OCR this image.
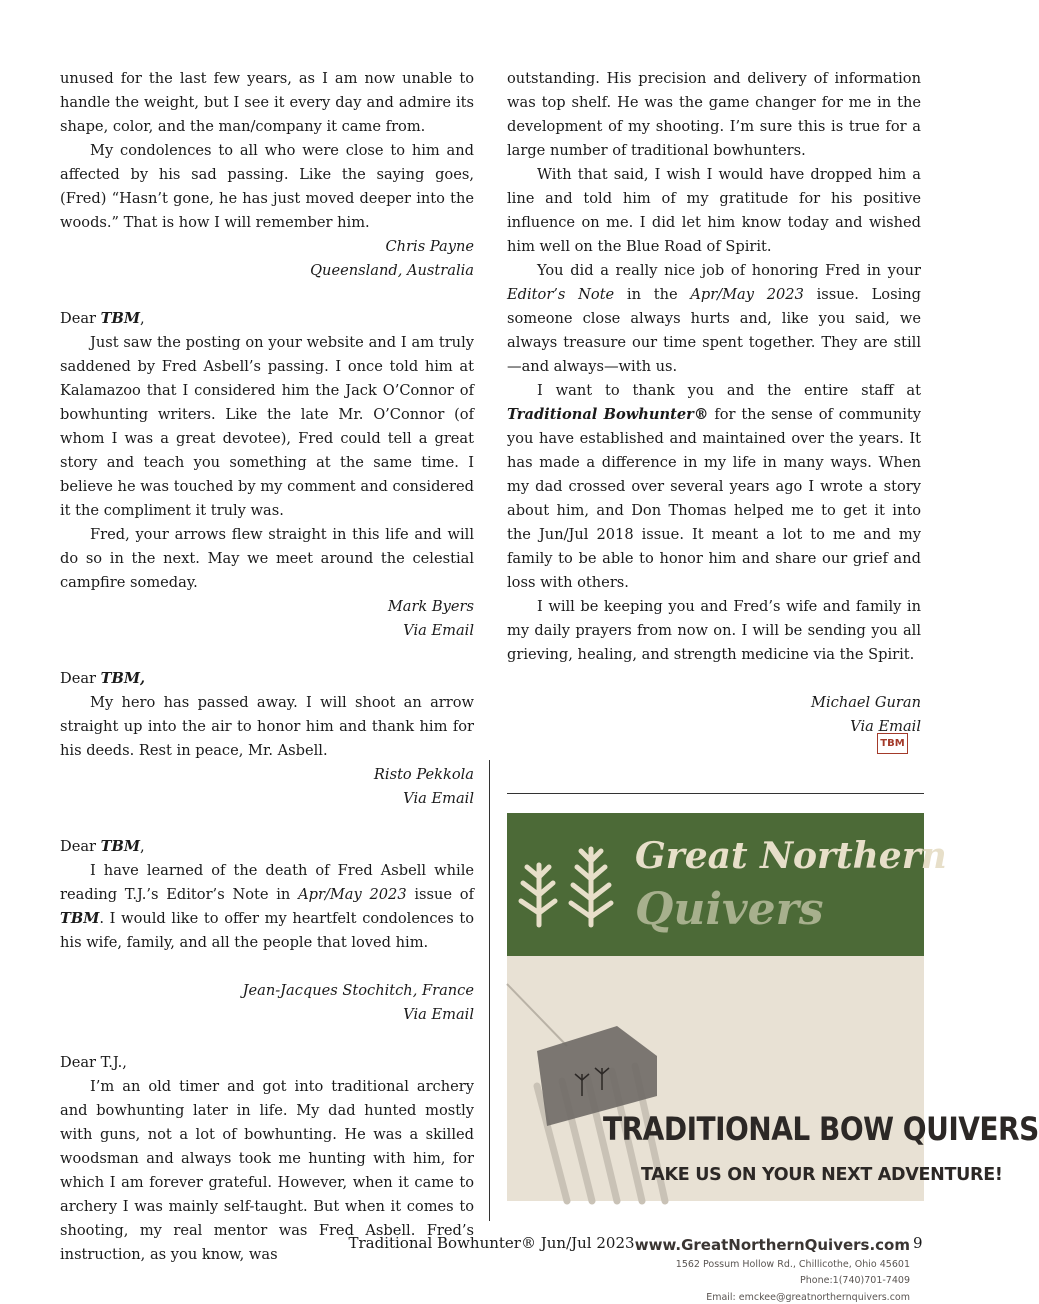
unused for the last few years, as I am now unable to handle the weight, but I see it every day and admire its shape, color, and the man/company it came from.

My condolences to all who were close to him and affected by his sad passing. Like the saying goes, (Fred) “Hasn’t gone, he has just moved deeper into the woods.” That is how I will remember him.

Chris Payne

Queensland, Australia

Dear TBM,

Just saw the posting on your website and I am truly saddened by Fred Asbell’s passing. I once told him at Kalamazoo that I considered him the Jack O’Connor of bowhunting writers. Like the late Mr. O’Connor (of whom I was a great devotee), Fred could tell a great story and teach you something at the same time. I believe he was touched by my comment and considered it the compliment it truly was.

Fred, your arrows flew straight in this life and will do so in the next. May we meet around the celestial campfire someday.

Mark Byers

Via Email

Dear TBM,

My hero has passed away. I will shoot an arrow straight up into the air to honor him and thank him for his deeds. Rest in peace, Mr. Asbell.

Risto Pekkola

Via Email

Dear TBM,

I have learned of the death of Fred Asbell while reading T.J.’s Editor’s Note in Apr/May 2023 issue of TBM. I would like to offer my heartfelt condolences to his wife, family, and all the people that loved him.

Jean-Jacques Stochitch, France

Via Email

Dear T.J.,

I’m an old timer and got into traditional archery and bowhunting later in life. My dad hunted mostly with guns, not a lot of bowhunting. He was a skilled woodsman and always took me hunting with him, for which I am forever grateful. However, when it came to archery I was mainly self-taught. But when it comes to shooting, my real mentor was Fred Asbell. Fred’s instruction, as you know, was

outstanding. His precision and delivery of information was top shelf. He was the game changer for me in the development of my shooting. I’m sure this is true for a large number of traditional bowhunters.

With that said, I wish I would have dropped him a line and told him of my gratitude for his positive influence on me. I did let him know today and wished him well on the Blue Road of Spirit.

You did a really nice job of honoring Fred in your Editor’s Note in the Apr/May 2023 issue. Losing someone close always hurts and, like you said, we always treasure our time spent together. They are still—and always—with us.

I want to thank you and the entire staff at Traditional Bowhunter® for the sense of community you have established and maintained over the years. It has made a difference in my life in many ways. When my dad crossed over several years ago I wrote a story about him, and Don Thomas helped me to get it into the Jun/Jul 2018 issue. It meant a lot to me and my family to be able to honor him and share our grief and loss with others.

I will be keeping you and Fred’s wife and family in my daily prayers from now on. I will be sending you all grieving, healing, and strength medicine via the Spirit.

Michael Guran

Via Email

TBM
Great Northern
Quivers
TRADITIONAL BOW QUIVERS
TAKE US ON YOUR NEXT ADVENTURE!
www.GreatNorthernQuivers.com
1562 Possum Hollow Rd., Chillicothe, Ohio 45601
Phone:1(740)701-7409
Email: emckee@greatnorthernquivers.com
Traditional Bowhunter® Jun/Jul 2023	9
